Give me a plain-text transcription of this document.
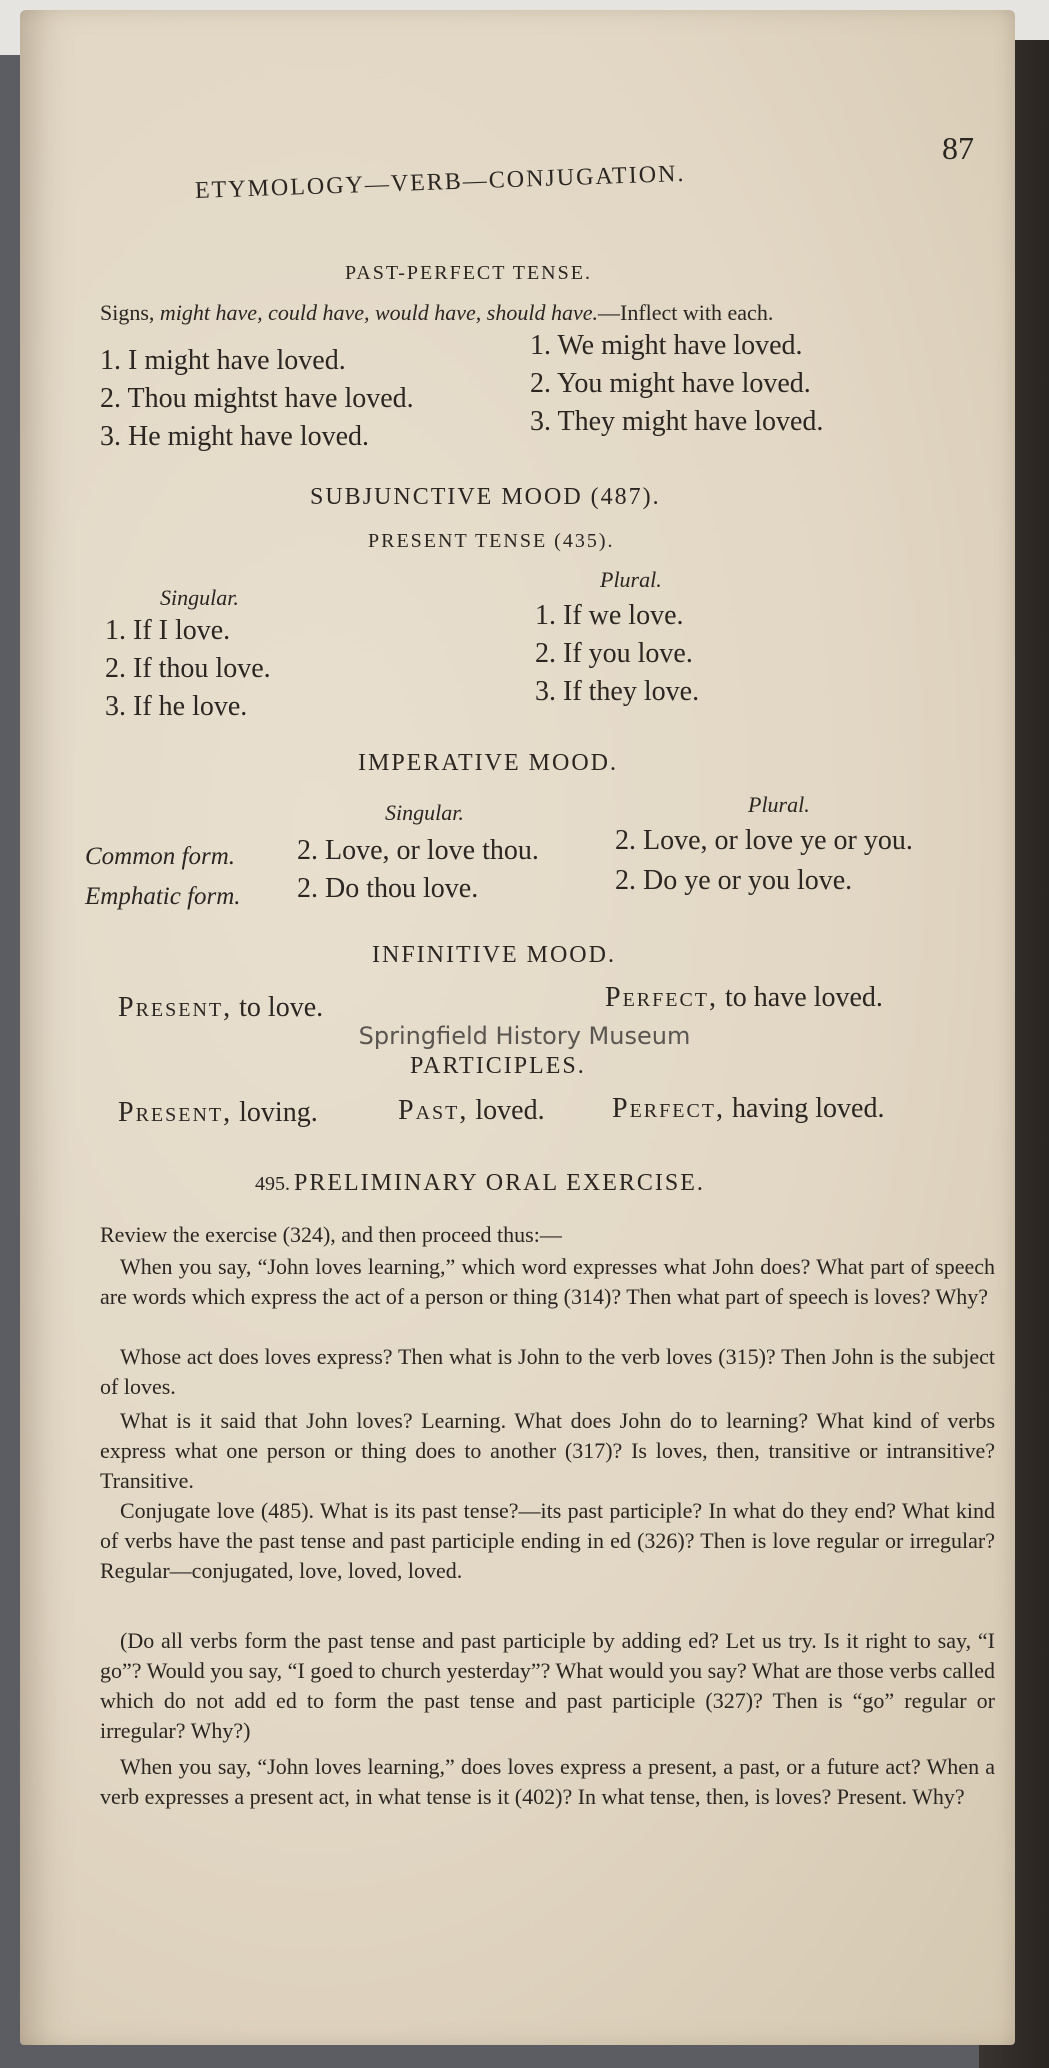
87
ETYMOLOGY—VERB—CONJUGATION.
PAST-PERFECT TENSE.
Signs, might have, could have, would have, should have.—Inflect with each.
1. I might have loved.
2. Thou mightst have loved.
3. He might have loved.
1. We might have loved.
2. You might have loved.
3. They might have loved.
SUBJUNCTIVE MOOD (487).
PRESENT TENSE (435).
Singular.
Plural.
1. If I love.
2. If thou love.
3. If he love.
1. If we love.
2. If you love.
3. If they love.
IMPERATIVE MOOD.
Singular.	Plural.
Common form. 2. Love, or love thou.	2. Love, or love ye or you.
Emphatic form. 2. Do thou love.	2. Do ye or you love.
INFINITIVE MOOD.
Present, to love.	Perfect, to have loved.
Springfield History Museum
PARTICIPLES.
Present, loving.	Past, loved. Perfect, having loved.
495. PRELIMINARY ORAL EXERCISE.
Review the exercise (324), and then proceed thus:—
When you say, “John loves learning,” which word expresses what John does? What part of speech are words which express the act of a person or thing (314)? Then what part of speech is loves? Why?
Whose act does loves express? Then what is John to the verb loves (315)? Then John is the subject of loves.
What is it said that John loves? Learning. What does John do to learning? What kind of verbs express what one person or thing does to another (317)? Is loves, then, transitive or intransitive? Transitive.
Conjugate love (485). What is its past tense?—its past participle? In what do they end? What kind of verbs have the past tense and past participle ending in ed (326)? Then is love regular or irregular? Regular—conjugated, love, loved, loved.
(Do all verbs form the past tense and past participle by adding ed? Let us try. Is it right to say, “I go”? Would you say, “I goed to church yesterday”? What would you say? What are those verbs called which do not add ed to form the past tense and past participle (327)? Then is “go” regular or irregular? Why?)
When you say, “John loves learning,” does loves express a present, a past, or a future act? When a verb expresses a present act, in what tense is it (402)? In what tense, then, is loves? Present. Why?
